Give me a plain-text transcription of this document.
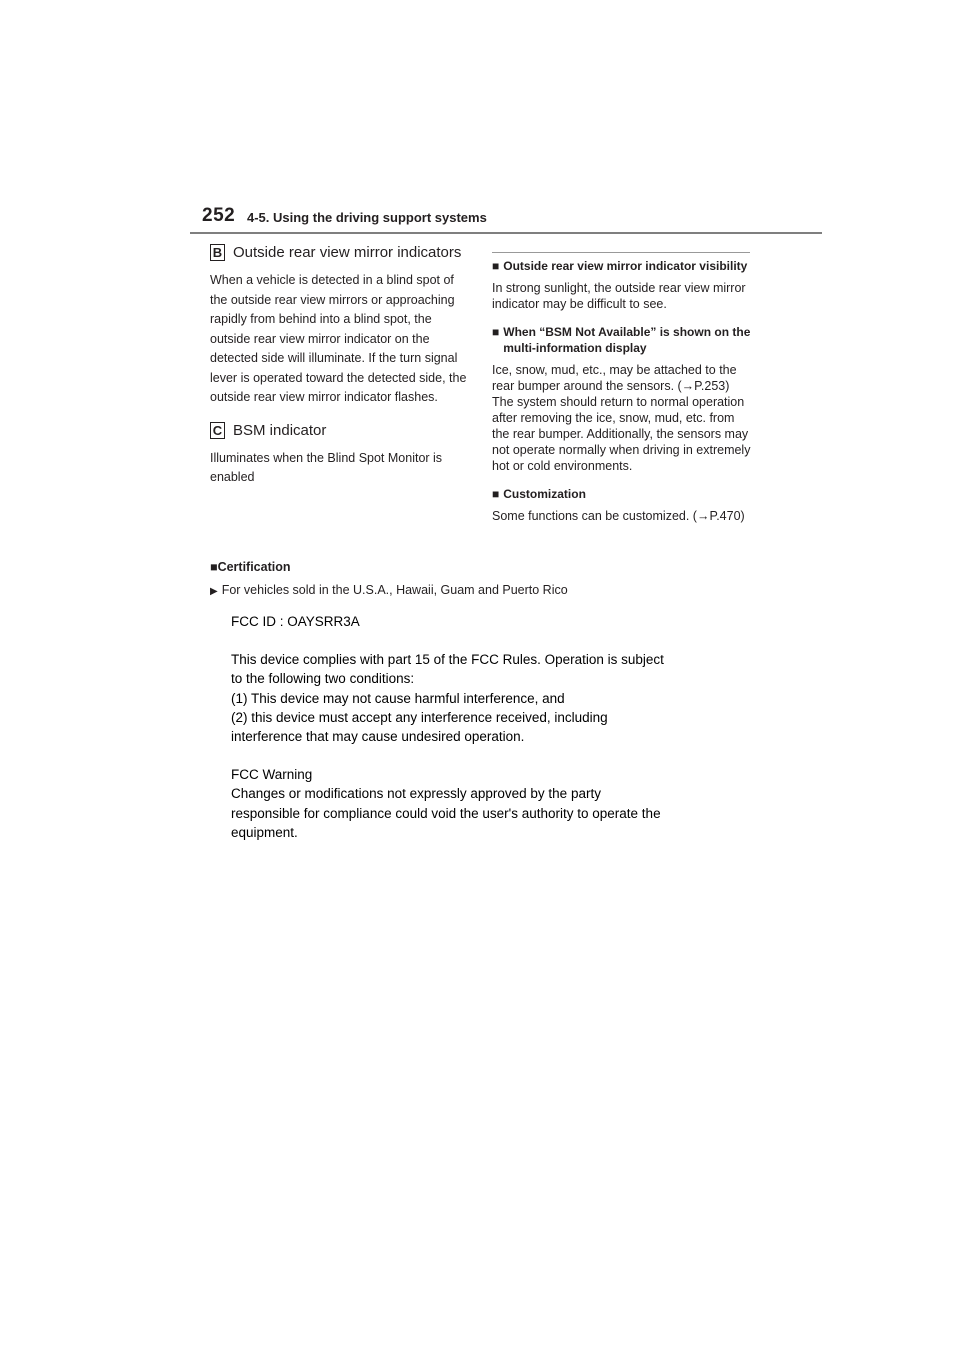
252 4-5. Using the driving support systems
B Outside rear view mirror indicators

When a vehicle is detected in a blind spot of the outside rear view mirrors or approaching rapidly from behind into a blind spot, the outside rear view mirror indicator on the detected side will illuminate. If the turn signal lever is operated toward the detected side, the outside rear view mirror indicator flashes.

C BSM indicator

Illuminates when the Blind Spot Monitor is enabled

■ Outside rear view mirror indicator visibility

In strong sunlight, the outside rear view mirror indicator may be difficult to see.

■ When “BSM Not Available” is shown on the multi-information display

Ice, snow, mud, etc., may be attached to the rear bumper around the sensors. (→P.253) The system should return to normal operation after removing the ice, snow, mud, etc. from the rear bumper. Additionally, the sensors may not operate normally when driving in extremely hot or cold environments.

■ Customization

Some functions can be customized. (→P.470)

■Certification
▶ For vehicles sold in the U.S.A., Hawaii, Guam and Puerto Rico

FCC ID : OAYSRR3A

This device complies with part 15 of the FCC Rules. Operation is subject

to the following two conditions:

(1) This device may not cause harmful interference, and

(2) this device must accept any interference received, including

interference that may cause undesired operation.

FCC Warning

Changes or modifications not expressly approved by the party

responsible for compliance could void the user's authority to operate the

equipment.
